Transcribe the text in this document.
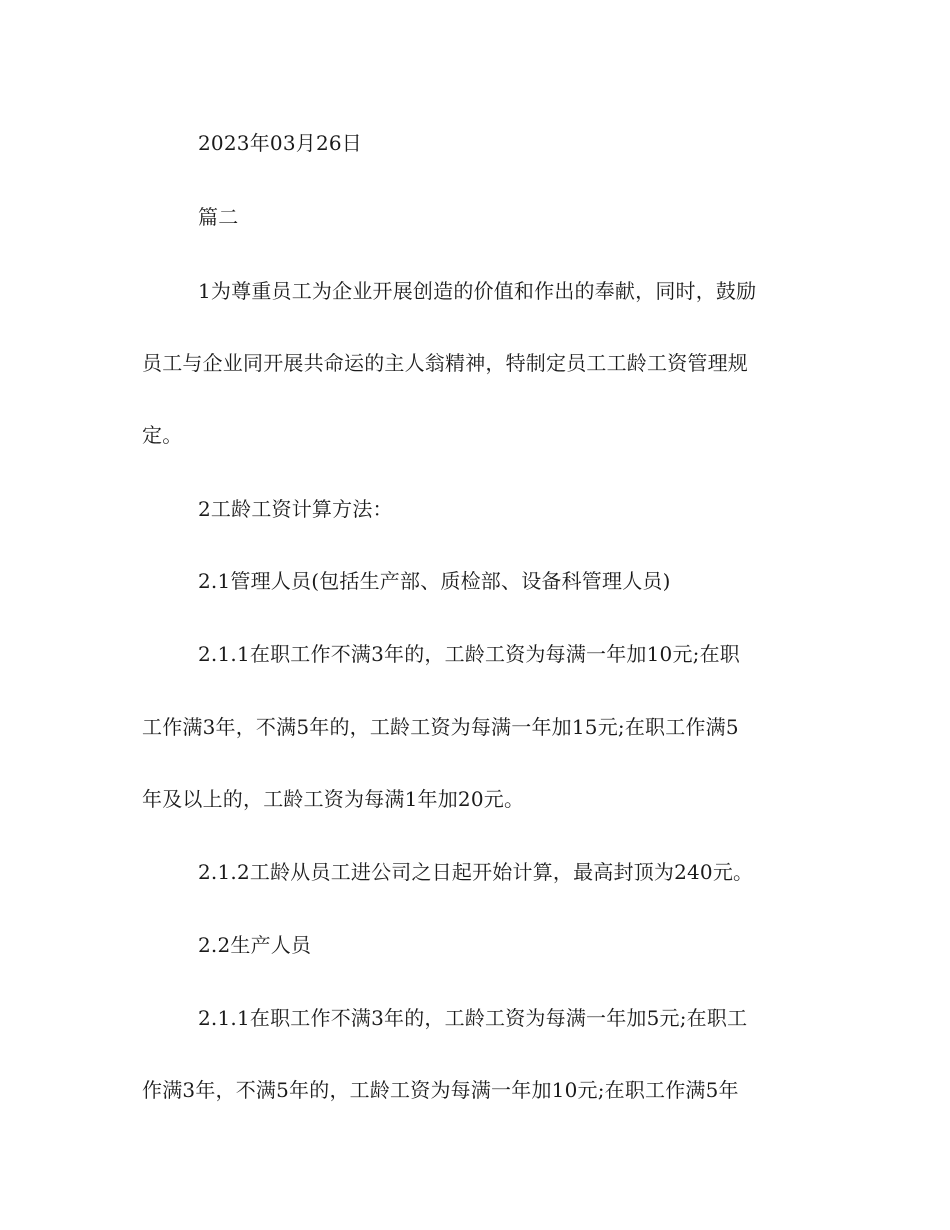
2023年03月26日

篇二

1为尊重员工为企业开展创造的价值和作出的奉献，同时，鼓励

员工与企业同开展共命运的主人翁精神，特制定员工工龄工资管理规

定。

2工龄工资计算方法：

2.1管理人员(包括生产部、质检部、设备科管理人员)

2.1.1在职工作不满3年的，工龄工资为每满一年加10元;在职

工作满3年，不满5年的，工龄工资为每满一年加15元;在职工作满5

年及以上的，工龄工资为每满1年加20元。

2.1.2工龄从员工进公司之日起开始计算，最高封顶为240元。

2.2生产人员

2.1.1在职工作不满3年的，工龄工资为每满一年加5元;在职工

作满3年，不满5年的，工龄工资为每满一年加10元;在职工作满5年
